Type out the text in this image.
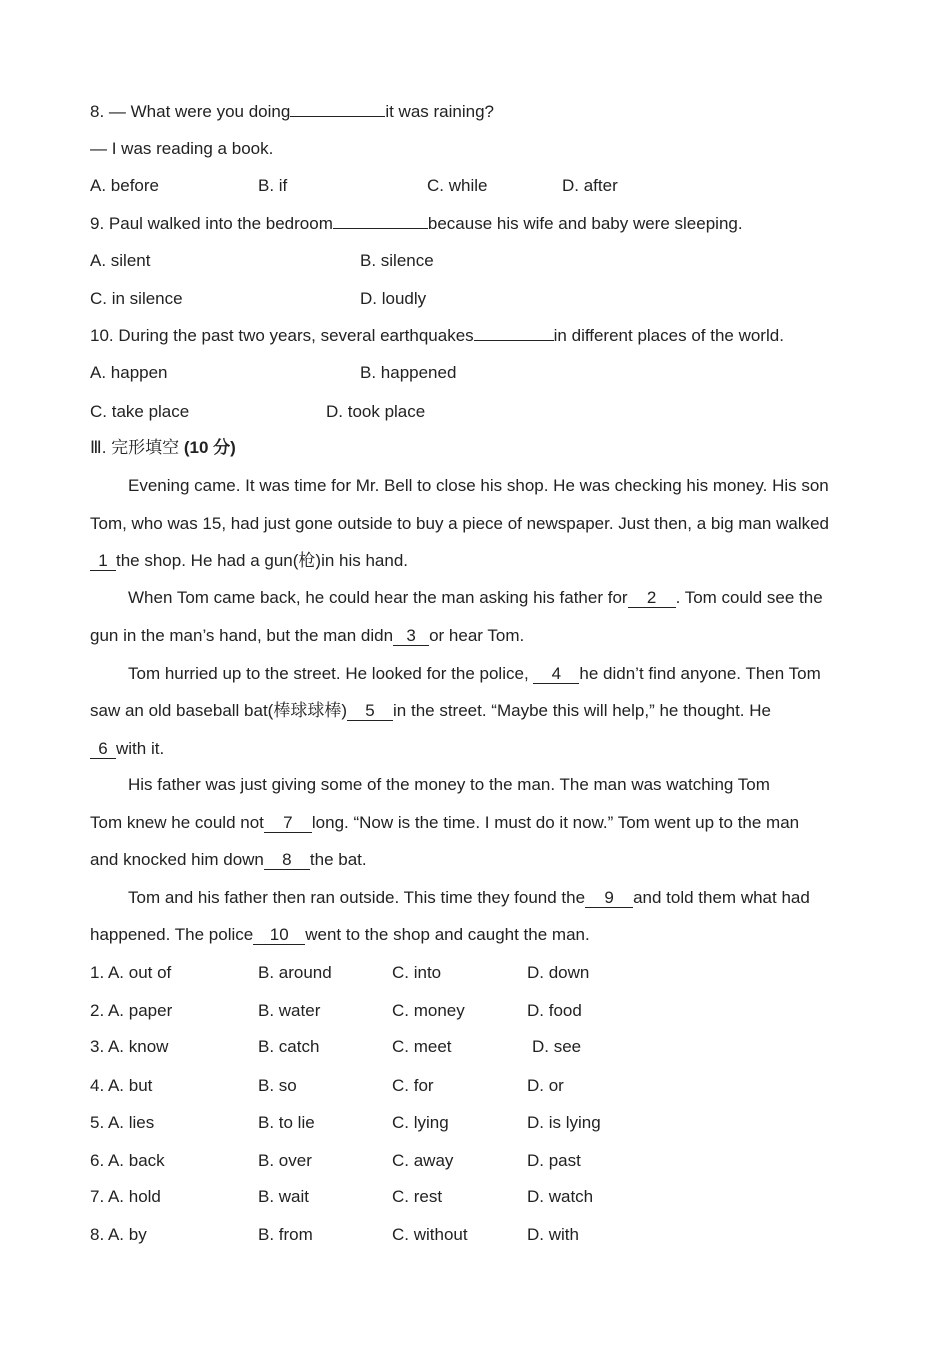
8. — What were you doing	it was raining?
— I was reading a book.
A. before	B. if	C. while	D. after
9. Paul walked into the bedroom	because his wife and baby were sleeping.
A. silent	B. silence
C. in silence	D. loudly
10. During the past two years, several earthquakes	in different places of the world.
A. happen	B. happened
C. take place	D. took place
Ⅲ. 完形填空 (10 分)
Evening came. It was time for Mr. Bell to close his shop. He was checking his money. His son
Tom, who was 15, had just gone outside to buy a piece of newspaper. Just then, a big man walked
1 the shop. He had a gun(枪)in his hand.
When Tom came back, he could hear the man asking his father for 2 . Tom could see the
gun in the man’s hand, but the man didn 3 or hear Tom.
Tom hurried up to the street. He looked for the police, 4 he didn’t find anyone. Then Tom
saw an old baseball bat(棒球球棒) 5 in the street. “Maybe this will help,” he thought. He
6 with it.
His father was just giving some of the money to the man. The man was watching Tom
Tom knew he could not 7 long. “Now is the time. I must do it now.” Tom went up to the man
and knocked him down 8 the bat.
Tom and his father then ran outside. This time they found the 9 and told them what had
happened. The police 10 went to the shop and caught the man.
1. A. out of	B. around	C. into	D. down
2. A. paper	B. water	C. money	D. food
3. A. know	B. catch	C. meet	D. see
4. A. but	B. so	C. for	D. or
5. A. lies	B. to lie	C. lying	D. is lying
6. A. back	B. over	C. away	D. past
7. A. hold	B. wait	C. rest	D. watch
8. A. by	B. from	C. without	D. with
